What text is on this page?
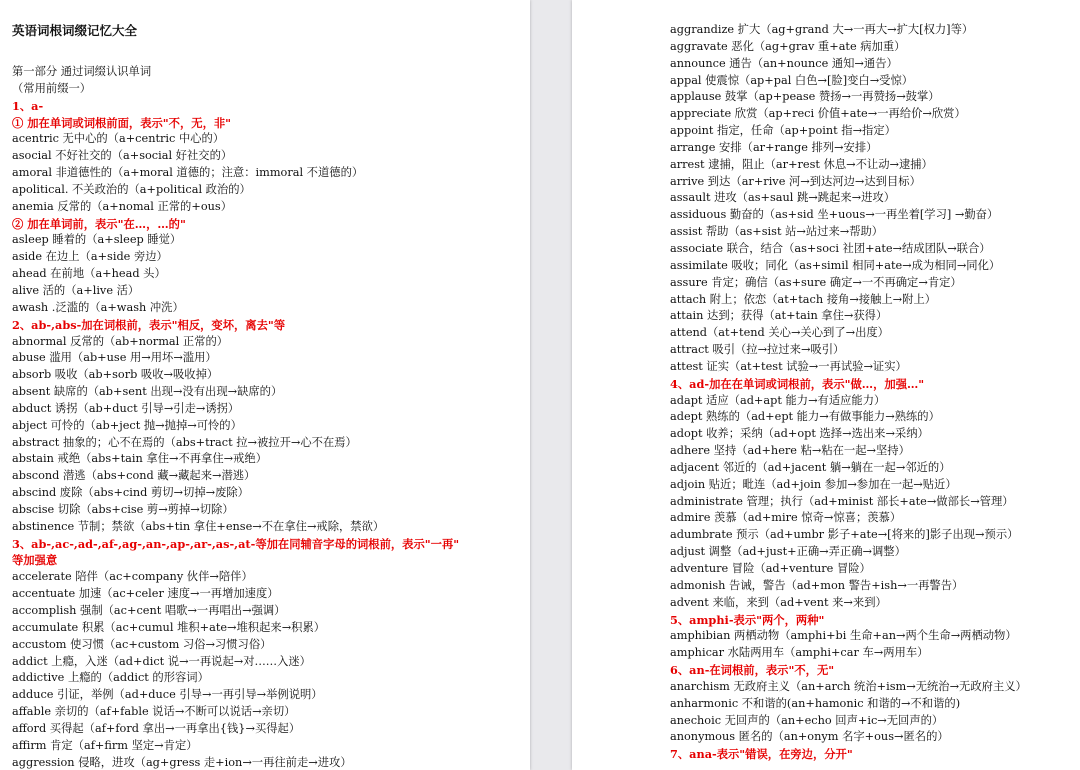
英语词根词缀记忆大全
第一部分 通过词缀认识单词
（常用前缀一）
1、a-
① 加在单词或词根前面，表示"不，无，非"
acentric 无中心的（a+centric 中心的）
asocial 不好社交的（a+social 好社交的）
amoral 非道德性的（a+moral 道德的；注意：immoral 不道德的）
apolitical. 不关政治的（a+political 政治的）
anemia 反常的（a+nomal 正常的+ous）
② 加在单词前，表示"在…，…的"
asleep 睡着的（a+sleep 睡觉）
aside 在边上（a+side 旁边）
ahead 在前地（a+head 头）
alive 活的（a+live 活）
awash .泛滥的（a+wash 冲洗）
2、ab-,abs-加在词根前，表示"相反，变坏，离去"等
abnormal 反常的（ab+normal 正常的）
abuse 滥用（ab+use 用→用坏→滥用）
absorb 吸收（ab+sorb 吸收→吸收掉）
absent 缺席的（ab+sent 出现→没有出现→缺席的）
abduct 诱拐（ab+duct 引导→引走→诱拐）
abject 可怜的（ab+ject 抛→抛掉→可怜的）
abstract 抽象的；心不在焉的（abs+tract 拉→被拉开→心不在焉）
abstain 戒绝（abs+tain 拿住→不再拿住→戒绝）
abscond 潜逃（abs+cond 藏→藏起来→潜逃）
abscind 废除（abs+cind 剪切→切掉→废除）
abscise 切除（abs+cise 剪→剪掉→切除）
abstinence 节制；禁欲（abs+tin 拿住+ense→不在拿住→戒除，禁欲）
3、ab-,ac-,ad-,af-,ag-,an-,ap-,ar-,as-,at-等加在同辅音字母的词根前，表示"一再"
等加强意
accelerate 陪伴（ac+company 伙伴→陪伴）
accentuate 加速（ac+celer 速度→一再增加速度）
accomplish 强制（ac+cent 唱歌→一再唱出→强调）
accumulate 积累（ac+cumul 堆积+ate→堆积起来→积累）
accustom 使习惯（ac+custom 习俗→习惯习俗）
addict 上瘾，入迷（ad+dict 说→一再说起→对……入迷）
addictive 上瘾的（addict 的形容词）
adduce 引证，举例（ad+duce 引导→一再引导→举例说明）
affable 亲切的（af+fable 说话→不断可以说话→亲切）
afford 买得起（af+ford 拿出→一再拿出{钱}→买得起）
affirm 肯定（af+firm 坚定→肯定）
aggression 侵略，进攻（ag+gress 走+ion→一再往前走→进攻）
aggrandize 扩大（ag+grand 大→一再大→扩大[权力]等）
aggravate 恶化（ag+grav 重+ate 病加重）
announce 通告（an+nounce 通知→通告）
appal 使震惊（ap+pal 白色→[脸]变白→受惊）
applause 鼓掌（ap+pease 赞扬→一再赞扬→鼓掌）
appreciate 欣赏（ap+reci 价值+ate→一再给价→欣赏）
appoint 指定，任命（ap+point 指→指定）
arrange 安排（ar+range 排列→安排）
arrest 逮捕，阻止（ar+rest 休息→不让动→逮捕）
arrive 到达（ar+rive 河→到达河边→达到目标）
assault 进攻（as+saul 跳→跳起来→进攻）
assiduous 勤奋的（as+sid 坐+uous→一再坐着[学习] →勤奋）
assist 帮助（as+sist 站→站过来→帮助）
associate 联合，结合（as+soci 社团+ate→结成团队→联合）
assimilate 吸收；同化（as+simil 相同+ate→成为相同→同化）
assure 肯定；确信（as+sure 确定→一不再确定→肯定）
attach 附上；依恋（at+tach 接角→接触上→附上）
attain 达到；获得（at+tain 拿住→获得）
attend（at+tend 关心→关心到了→出度）
attract 吸引（拉→拉过来→吸引）
attest 证实（at+test 试验→一再试验→证实）
4、ad-加在在单词或词根前，表示"做…，加强…"
adapt 适应（ad+apt 能力→有适应能力）
adept 熟练的（ad+ept 能力→有做事能力→熟练的）
adopt 收养；采纳（ad+opt 选择→选出来→采纳）
adhere 坚持（ad+here 粘→粘在一起→坚持）
adjacent 邻近的（ad+jacent 躺→躺在一起→邻近的）
adjoin 贴近；毗连（ad+join 参加→参加在一起→贴近）
administrate 管理；执行（ad+minist 部长+ate→做部长→管理）
admire 羡慕（ad+mire 惊奇→惊喜；羡慕）
adumbrate 预示（ad+umbr 影子+ate→[将来的]影子出现→预示）
adjust 调整（ad+just+正确→弄正确→调整）
adventure 冒险（ad+venture 冒险）
admonish 告诫，警告（ad+mon 警告+ish→一再警告）
advent 来临，来到（ad+vent 来→来到）
5、amphi-表示"两个，两种"
amphibian 两栖动物（amphi+bi 生命+an→两个生命→两栖动物）
amphicar 水陆两用车（amphi+car 车→两用车）
6、an-在词根前，表示"不，无"
anarchism 无政府主义（an+arch 统治+ism→无统治→无政府主义）
anharmonic 不和谐的(an+hamonic 和谐的→不和谐的)
anechoic 无回声的（an+echo 回声+ic→无回声的）
anonymous 匿名的（an+onym 名字+ous→匿名的）
7、ana-表示"错误，在旁边，分开"
